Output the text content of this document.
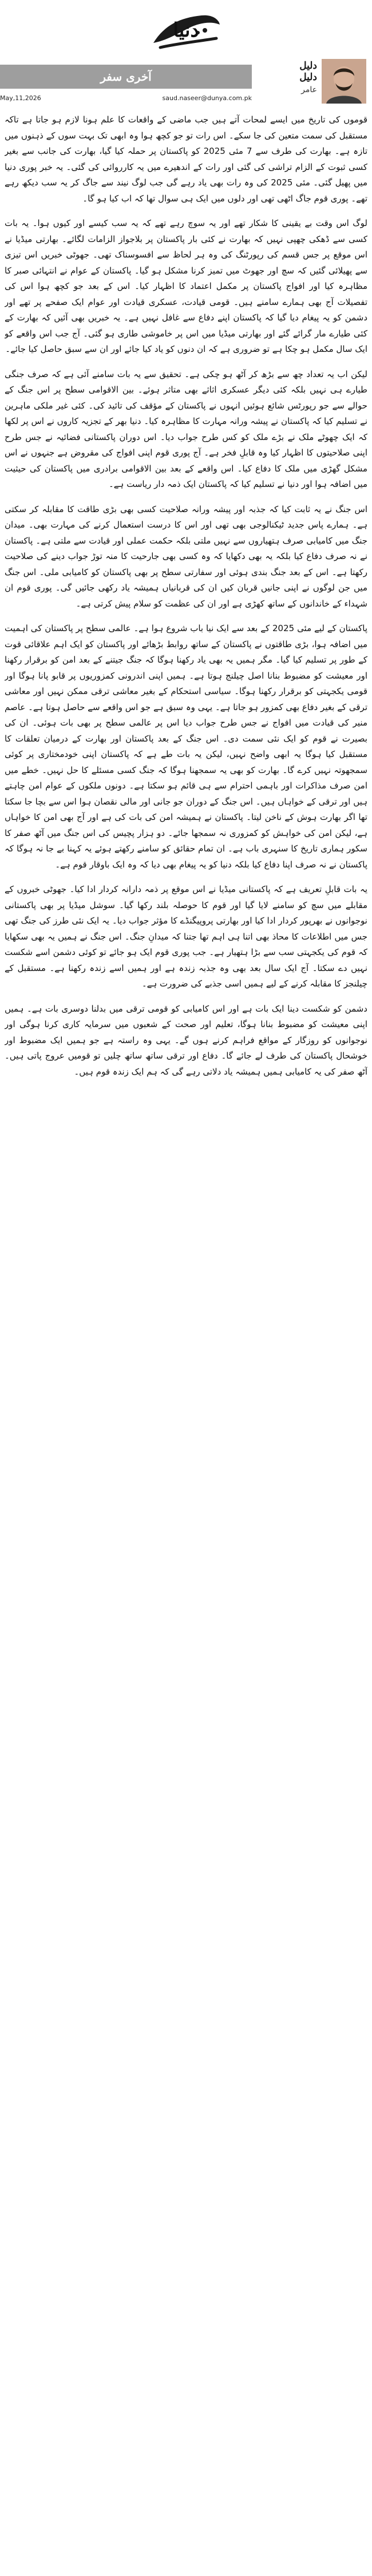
دنیا
دلیل
دلیل
عامر
آخری سفر
May,11,2026	saud.naseer@dunya.com.pk

قوموں کی تاریخ میں ایسے لمحات آتے ہیں جب ماضی کے واقعات کا علم ہونا لازم ہو جاتا ہے تاکہ مستقبل کی سمت متعین کی جا سکے۔ اس رات تو جو کچھ ہوا وہ ابھی تک بہت سوں کے ذہنوں میں تازہ ہے۔ بھارت کی طرف سے 7 مئی 2025 کو پاکستان پر حملہ کیا گیا، بھارت کی جانب سے بغیر کسی ثبوت کے الزام تراشی کی گئی اور رات کے اندھیرے میں یہ کارروائی کی گئی۔ یہ خبر پوری دنیا میں پھیل گئی۔ مئی 2025 کی وہ رات بھی یاد رہے گی جب لوگ نیند سے جاگ کر یہ سب دیکھ رہے تھے۔ پوری قوم جاگ اٹھی تھی اور دلوں میں ایک ہی سوال تھا کہ اب کیا ہو گا۔

لوگ اس وقت بے یقینی کا شکار تھے اور یہ سوچ رہے تھے کہ یہ سب کیسے اور کیوں ہوا۔ یہ بات کسی سے ڈھکی چھپی نہیں کہ بھارت نے کئی بار پاکستان پر بلاجواز الزامات لگائے۔ بھارتی میڈیا نے اس موقع پر جس قسم کی رپورٹنگ کی وہ ہر لحاظ سے افسوسناک تھی۔ جھوٹی خبریں اس تیزی سے پھیلائی گئیں کہ سچ اور جھوٹ میں تمیز کرنا مشکل ہو گیا۔ پاکستان کے عوام نے انتہائی صبر کا مظاہرہ کیا اور افواج پاکستان پر مکمل اعتماد کا اظہار کیا۔ اس کے بعد جو کچھ ہوا اس کی تفصیلات آج بھی ہمارے سامنے ہیں۔ قومی قیادت، عسکری قیادت اور عوام ایک صفحے پر تھے اور دشمن کو یہ پیغام دیا گیا کہ پاکستان اپنے دفاع سے غافل نہیں ہے۔ یہ خبریں بھی آئیں کہ بھارت کے کئی طیارے مار گرائے گئے اور بھارتی میڈیا میں اس پر خاموشی طاری ہو گئی۔ آج جب اس واقعے کو ایک سال مکمل ہو چکا ہے تو ضروری ہے کہ ان دنوں کو یاد کیا جائے اور ان سے سبق حاصل کیا جائے۔

لیکن اب یہ تعداد چھ سے بڑھ کر آٹھ ہو چکی ہے۔ تحقیق سے یہ بات سامنے آئی ہے کہ صرف جنگی طیارے ہی نہیں بلکہ کئی دیگر عسکری اثاثے بھی متاثر ہوئے۔ بین الاقوامی سطح پر اس جنگ کے حوالے سے جو رپورٹس شائع ہوئیں انہوں نے پاکستان کے مؤقف کی تائید کی۔ کئی غیر ملکی ماہرین نے تسلیم کیا کہ پاکستان نے پیشہ ورانہ مہارت کا مظاہرہ کیا۔ دنیا بھر کے تجزیہ کاروں نے اس پر لکھا کہ ایک چھوٹے ملک نے بڑے ملک کو کس طرح جواب دیا۔ اس دوران پاکستانی فضائیہ نے جس طرح اپنی صلاحیتوں کا اظہار کیا وہ قابلِ فخر ہے۔ آج پوری قوم اپنی افواج کی مقروض ہے جنہوں نے اس مشکل گھڑی میں ملک کا دفاع کیا۔ اس واقعے کے بعد بین الاقوامی برادری میں پاکستان کی حیثیت میں اضافہ ہوا اور دنیا نے تسلیم کیا کہ پاکستان ایک ذمہ دار ریاست ہے۔

اس جنگ نے یہ ثابت کیا کہ جذبہ اور پیشہ ورانہ صلاحیت کسی بھی بڑی طاقت کا مقابلہ کر سکتی ہے۔ ہمارے پاس جدید ٹیکنالوجی بھی تھی اور اس کا درست استعمال کرنے کی مہارت بھی۔ میدان جنگ میں کامیابی صرف ہتھیاروں سے نہیں ملتی بلکہ حکمت عملی اور قیادت سے ملتی ہے۔ پاکستان نے نہ صرف دفاع کیا بلکہ یہ بھی دکھایا کہ وہ کسی بھی جارحیت کا منہ توڑ جواب دینے کی صلاحیت رکھتا ہے۔ اس کے بعد جنگ بندی ہوئی اور سفارتی سطح پر بھی پاکستان کو کامیابی ملی۔ اس جنگ میں جن لوگوں نے اپنی جانیں قربان کیں ان کی قربانیاں ہمیشہ یاد رکھی جائیں گی۔ پوری قوم ان شہداء کے خاندانوں کے ساتھ کھڑی ہے اور ان کی عظمت کو سلام پیش کرتی ہے۔

پاکستان کے لیے مئی 2025 کے بعد سے ایک نیا باب شروع ہوا ہے۔ عالمی سطح پر پاکستان کی اہمیت میں اضافہ ہوا، بڑی طاقتوں نے پاکستان کے ساتھ روابط بڑھائے اور پاکستان کو ایک اہم علاقائی قوت کے طور پر تسلیم کیا گیا۔ مگر ہمیں یہ بھی یاد رکھنا ہوگا کہ جنگ جیتنے کے بعد امن کو برقرار رکھنا اور معیشت کو مضبوط بنانا اصل چیلنج ہوتا ہے۔ ہمیں اپنی اندرونی کمزوریوں پر قابو پانا ہوگا اور قومی یکجہتی کو برقرار رکھنا ہوگا۔ سیاسی استحکام کے بغیر معاشی ترقی ممکن نہیں اور معاشی ترقی کے بغیر دفاع بھی کمزور ہو جاتا ہے۔ یہی وہ سبق ہے جو اس واقعے سے حاصل ہوتا ہے۔ عاصم منیر کی قیادت میں افواج نے جس طرح جواب دیا اس پر عالمی سطح پر بھی بات ہوئی۔ ان کی بصیرت نے قوم کو ایک نئی سمت دی۔ اس جنگ کے بعد پاکستان اور بھارت کے درمیان تعلقات کا مستقبل کیا ہوگا یہ ابھی واضح نہیں، لیکن یہ بات طے ہے کہ پاکستان اپنی خودمختاری پر کوئی سمجھوتہ نہیں کرے گا۔ بھارت کو بھی یہ سمجھنا ہوگا کہ جنگ کسی مسئلے کا حل نہیں۔ خطے میں امن صرف مذاکرات اور باہمی احترام سے ہی قائم ہو سکتا ہے۔ دونوں ملکوں کے عوام امن چاہتے ہیں اور ترقی کے خواہاں ہیں۔ اس جنگ کے دوران جو جانی اور مالی نقصان ہوا اس سے بچا جا سکتا تھا اگر بھارت ہوش کے ناخن لیتا۔ پاکستان نے ہمیشہ امن کی بات کی ہے اور آج بھی امن کا خواہاں ہے، لیکن امن کی خواہش کو کمزوری نہ سمجھا جائے۔ دو ہزار پچیس کی اس جنگ میں آٹھ صفر کا سکور ہماری تاریخ کا سنہری باب ہے۔ ان تمام حقائق کو سامنے رکھتے ہوئے یہ کہنا بے جا نہ ہوگا کہ پاکستان نے نہ صرف اپنا دفاع کیا بلکہ دنیا کو یہ پیغام بھی دیا کہ وہ ایک باوقار قوم ہے۔

یہ بات قابلِ تعریف ہے کہ پاکستانی میڈیا نے اس موقع پر ذمہ دارانہ کردار ادا کیا۔ جھوٹی خبروں کے مقابلے میں سچ کو سامنے لایا گیا اور قوم کا حوصلہ بلند رکھا گیا۔ سوشل میڈیا پر بھی پاکستانی نوجوانوں نے بھرپور کردار ادا کیا اور بھارتی پروپیگنڈے کا مؤثر جواب دیا۔ یہ ایک نئی طرز کی جنگ تھی جس میں اطلاعات کا محاذ بھی اتنا ہی اہم تھا جتنا کہ میدانِ جنگ۔ اس جنگ نے ہمیں یہ بھی سکھایا کہ قوم کی یکجہتی سب سے بڑا ہتھیار ہے۔ جب پوری قوم ایک ہو جائے تو کوئی دشمن اسے شکست نہیں دے سکتا۔ آج ایک سال بعد بھی وہ جذبہ زندہ ہے اور ہمیں اسے زندہ رکھنا ہے۔ مستقبل کے چیلنجز کا مقابلہ کرنے کے لیے ہمیں اسی جذبے کی ضرورت ہے۔

دشمن کو شکست دینا ایک بات ہے اور اس کامیابی کو قومی ترقی میں بدلنا دوسری بات ہے۔ ہمیں اپنی معیشت کو مضبوط بنانا ہوگا، تعلیم اور صحت کے شعبوں میں سرمایہ کاری کرنا ہوگی اور نوجوانوں کو روزگار کے مواقع فراہم کرنے ہوں گے۔ یہی وہ راستہ ہے جو ہمیں ایک مضبوط اور خوشحال پاکستان کی طرف لے جائے گا۔ دفاع اور ترقی ساتھ ساتھ چلیں تو قومیں عروج پاتی ہیں۔ آٹھ صفر کی یہ کامیابی ہمیں ہمیشہ یاد دلاتی رہے گی کہ ہم ایک زندہ قوم ہیں۔
